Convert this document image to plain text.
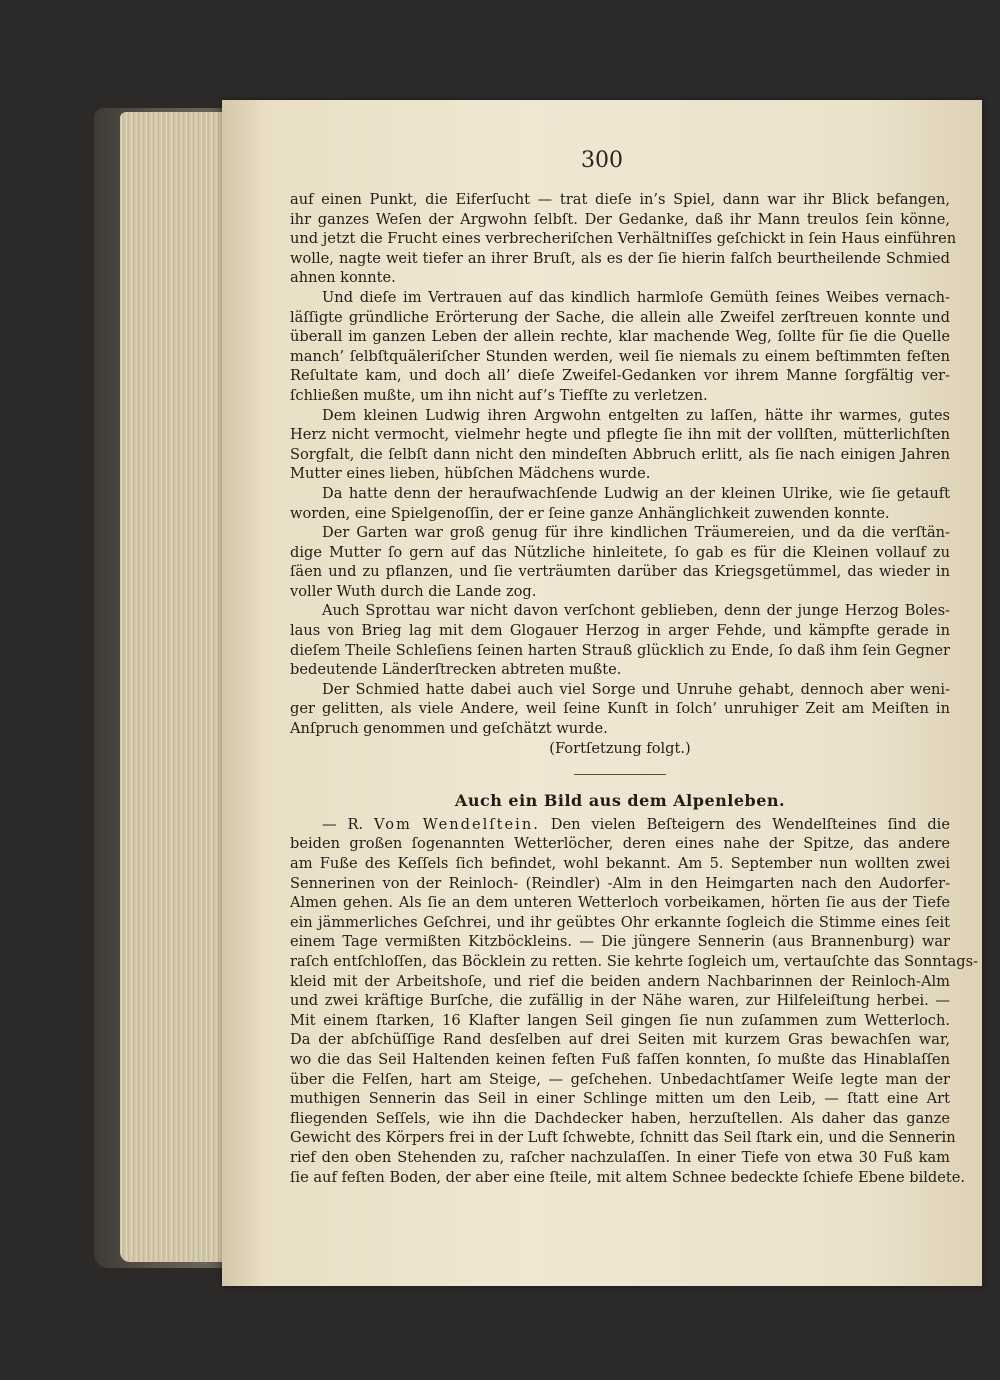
300
auf einen Punkt, die Eiferſucht — trat dieſe in’s Spiel, dann war ihr Blick befangen,
ihr ganzes Weſen der Argwohn ſelbſt. Der Gedanke, daß ihr Mann treulos ſein könne,
und jetzt die Frucht eines verbrecheriſchen Verhältniſſes geſchickt in ſein Haus einführen
wolle, nagte weit tiefer an ihrer Bruſt, als es der ſie hierin falſch beurtheilende Schmied
ahnen konnte.
Und dieſe im Vertrauen auf das kindlich harmloſe Gemüth ſeines Weibes vernach-
läſſigte gründliche Erörterung der Sache, die allein alle Zweifel zerſtreuen konnte und
überall im ganzen Leben der allein rechte, klar machende Weg, ſollte für ſie die Quelle
manch’ ſelbſtquäleriſcher Stunden werden, weil ſie niemals zu einem beſtimmten feſten
Reſultate kam, und doch all’ dieſe Zweifel-Gedanken vor ihrem Manne ſorgfältig ver-
ſchließen mußte, um ihn nicht auf’s Tiefſte zu verletzen.
Dem kleinen Ludwig ihren Argwohn entgelten zu laſſen, hätte ihr warmes, gutes
Herz nicht vermocht, vielmehr hegte und pflegte ſie ihn mit der vollſten, mütterlichſten
Sorgfalt, die ſelbſt dann nicht den mindeſten Abbruch erlitt, als ſie nach einigen Jahren
Mutter eines lieben, hübſchen Mädchens wurde.
Da hatte denn der heraufwachſende Ludwig an der kleinen Ulrike, wie ſie getauft
worden, eine Spielgenoſſin, der er ſeine ganze Anhänglichkeit zuwenden konnte.
Der Garten war groß genug für ihre kindlichen Träumereien, und da die verſtän-
dige Mutter ſo gern auf das Nützliche hinleitete, ſo gab es für die Kleinen vollauf zu
ſäen und zu pflanzen, und ſie verträumten darüber das Kriegsgetümmel, das wieder in
voller Wuth durch die Lande zog.
Auch Sprottau war nicht davon verſchont geblieben, denn der junge Herzog Boles-
laus von Brieg lag mit dem Glogauer Herzog in arger Fehde, und kämpfte gerade in
dieſem Theile Schleſiens ſeinen harten Strauß glücklich zu Ende, ſo daß ihm ſein Gegner
bedeutende Länderſtrecken abtreten mußte.
Der Schmied hatte dabei auch viel Sorge und Unruhe gehabt, dennoch aber weni-
ger gelitten, als viele Andere, weil ſeine Kunſt in ſolch’ unruhiger Zeit am Meiſten in
Anſpruch genommen und geſchätzt wurde.

(Fortſetzung folgt.)

Auch ein Bild aus dem Alpenleben.

— R. Vom Wendelſtein. Den vielen Beſteigern des Wendelſteines ſind die
beiden großen ſogenannten Wetterlöcher, deren eines nahe der Spitze, das andere
am Fuße des Keſſels ſich befindet, wohl bekannt. Am 5. September nun wollten zwei
Sennerinen von der Reinloch- (Reindler) -Alm in den Heimgarten nach den Audorfer-
Almen gehen. Als ſie an dem unteren Wetterloch vorbeikamen, hörten ſie aus der Tiefe
ein jämmerliches Geſchrei, und ihr geübtes Ohr erkannte ſogleich die Stimme eines ſeit
einem Tage vermißten Kitzböckleins. — Die jüngere Sennerin (aus Brannenburg) war
raſch entſchloſſen, das Böcklein zu retten. Sie kehrte ſogleich um, vertauſchte das Sonntags-
kleid mit der Arbeitshoſe, und rief die beiden andern Nachbarinnen der Reinloch-Alm
und zwei kräftige Burſche, die zufällig in der Nähe waren, zur Hilfeleiſtung herbei. —
Mit einem ſtarken, 16 Klafter langen Seil gingen ſie nun zuſammen zum Wetterloch.
Da der abſchüſſige Rand desſelben auf drei Seiten mit kurzem Gras bewachſen war,
wo die das Seil Haltenden keinen feſten Fuß faſſen konnten, ſo mußte das Hinablaſſen
über die Felſen, hart am Steige, — geſchehen. Unbedachtſamer Weiſe legte man der
muthigen Sennerin das Seil in einer Schlinge mitten um den Leib, — ſtatt eine Art
fliegenden Seſſels, wie ihn die Dachdecker haben, herzuſtellen. Als daher das ganze
Gewicht des Körpers frei in der Luft ſchwebte, ſchnitt das Seil ſtark ein, und die Sennerin
rief den oben Stehenden zu, raſcher nachzulaſſen. In einer Tiefe von etwa 30 Fuß kam
ſie auf feſten Boden, der aber eine ſteile, mit altem Schnee bedeckte ſchiefe Ebene bildete.
